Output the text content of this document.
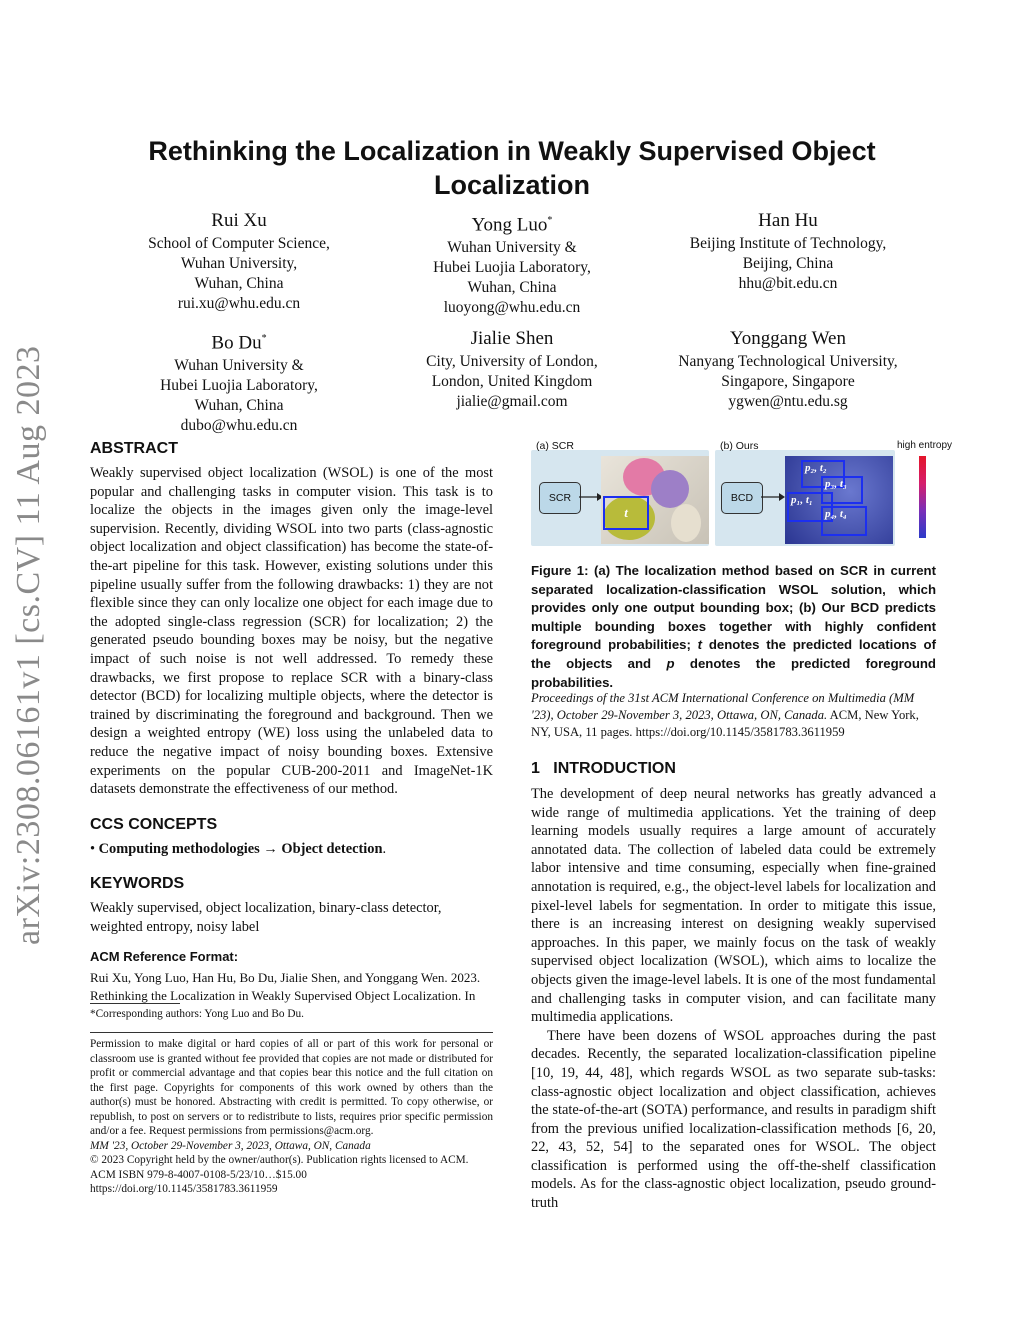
arXiv:2308.06161v1 [cs.CV] 11 Aug 2023
Rethinking the Localization in Weakly Supervised Object Localization
Rui Xu
School of Computer Science,
Wuhan University,
Wuhan, China
rui.xu@whu.edu.cn
Yong Luo*
Wuhan University &
Hubei Luojia Laboratory,
Wuhan, China
luoyong@whu.edu.cn
Han Hu
Beijing Institute of Technology,
Beijing, China
hhu@bit.edu.cn
Bo Du*
Wuhan University &
Hubei Luojia Laboratory,
Wuhan, China
dubo@whu.edu.cn
Jialie Shen
City, University of London,
London, United Kingdom
jialie@gmail.com
Yonggang Wen
Nanyang Technological University,
Singapore, Singapore
ygwen@ntu.edu.sg

ABSTRACT

Weakly supervised object localization (WSOL) is one of the most popular and challenging tasks in computer vision. This task is to localize the objects in the images given only the image-level supervision. Recently, dividing WSOL into two parts (class-agnostic object localization and object classification) has become the state-of-the-art pipeline for this task. However, existing solutions under this pipeline usually suffer from the following drawbacks: 1) they are not flexible since they can only localize one object for each image due to the adopted single-class regression (SCR) for localization; 2) the generated pseudo bounding boxes may be noisy, but the negative impact of such noise is not well addressed. To remedy these drawbacks, we first propose to replace SCR with a binary-class detector (BCD) for localizing multiple objects, where the detector is trained by discriminating the foreground and background. Then we design a weighted entropy (WE) loss using the unlabeled data to reduce the negative impact of noisy bounding boxes. Extensive experiments on the popular CUB-200-2011 and ImageNet-1K datasets demonstrate the effectiveness of our method.

CCS CONCEPTS

• Computing methodologies → Object detection.

KEYWORDS

Weakly supervised, object localization, binary-class detector, weighted entropy, noisy label

ACM Reference Format:

Rui Xu, Yong Luo, Han Hu, Bo Du, Jialie Shen, and Yonggang Wen. 2023. Rethinking the Localization in Weakly Supervised Object Localization. In

*Corresponding authors: Yong Luo and Bo Du.

Permission to make digital or hard copies of all or part of this work for personal or classroom use is granted without fee provided that copies are not made or distributed for profit or commercial advantage and that copies bear this notice and the full citation on the first page. Copyrights for components of this work owned by others than the author(s) must be honored. Abstracting with credit is permitted. To copy otherwise, or republish, to post on servers or to redistribute to lists, requires prior specific permission and/or a fee. Request permissions from permissions@acm.org.

MM '23, October 29-November 3, 2023, Ottawa, ON, Canada

© 2023 Copyright held by the owner/author(s). Publication rights licensed to ACM.

ACM ISBN 979-8-4007-0108-5/23/10…$15.00

https://doi.org/10.1145/3581783.3611959

(a) SCR
SCR
t
(b) Ours
BCD
p₂, t₂
p₃, t₃
p₁, t₁
p₄, t₄
high entropy
Figure 1: (a) The localization method based on SCR in current separated localization-classification WSOL solution, which provides only one output bounding box; (b) Our BCD predicts multiple bounding boxes together with highly confident foreground probabilities; t denotes the predicted locations of the objects and p denotes the predicted foreground probabilities.
Proceedings of the 31st ACM International Conference on Multimedia (MM '23), October 29-November 3, 2023, Ottawa, ON, Canada. ACM, New York, NY, USA, 11 pages. https://doi.org/10.1145/3581783.3611959

1 INTRODUCTION

The development of deep neural networks has greatly advanced a wide range of multimedia applications. Yet the training of deep learning models usually requires a large amount of accurately annotated data. The collection of labeled data could be extremely labor intensive and time consuming, especially when fine-grained annotation is required, e.g., the object-level labels for localization and pixel-level labels for segmentation. In order to mitigate this issue, there is an increasing interest on designing weakly supervised approaches. In this paper, we mainly focus on the task of weakly supervised object localization (WSOL), which aims to localize the objects given the image-level labels. It is one of the most fundamental and challenging tasks in computer vision, and can facilitate many multimedia applications.

There have been dozens of WSOL approaches during the past decades. Recently, the separated localization-classification pipeline [10, 19, 44, 48], which regards WSOL as two separate sub-tasks: class-agnostic object localization and object classification, achieves the state-of-the-art (SOTA) performance, and results in paradigm shift from the previous unified localization-classification methods [6, 20, 22, 43, 52, 54] to the separated ones for WSOL. The object classification is performed using the off-the-shelf classification models. As for the class-agnostic object localization, pseudo ground-truth
